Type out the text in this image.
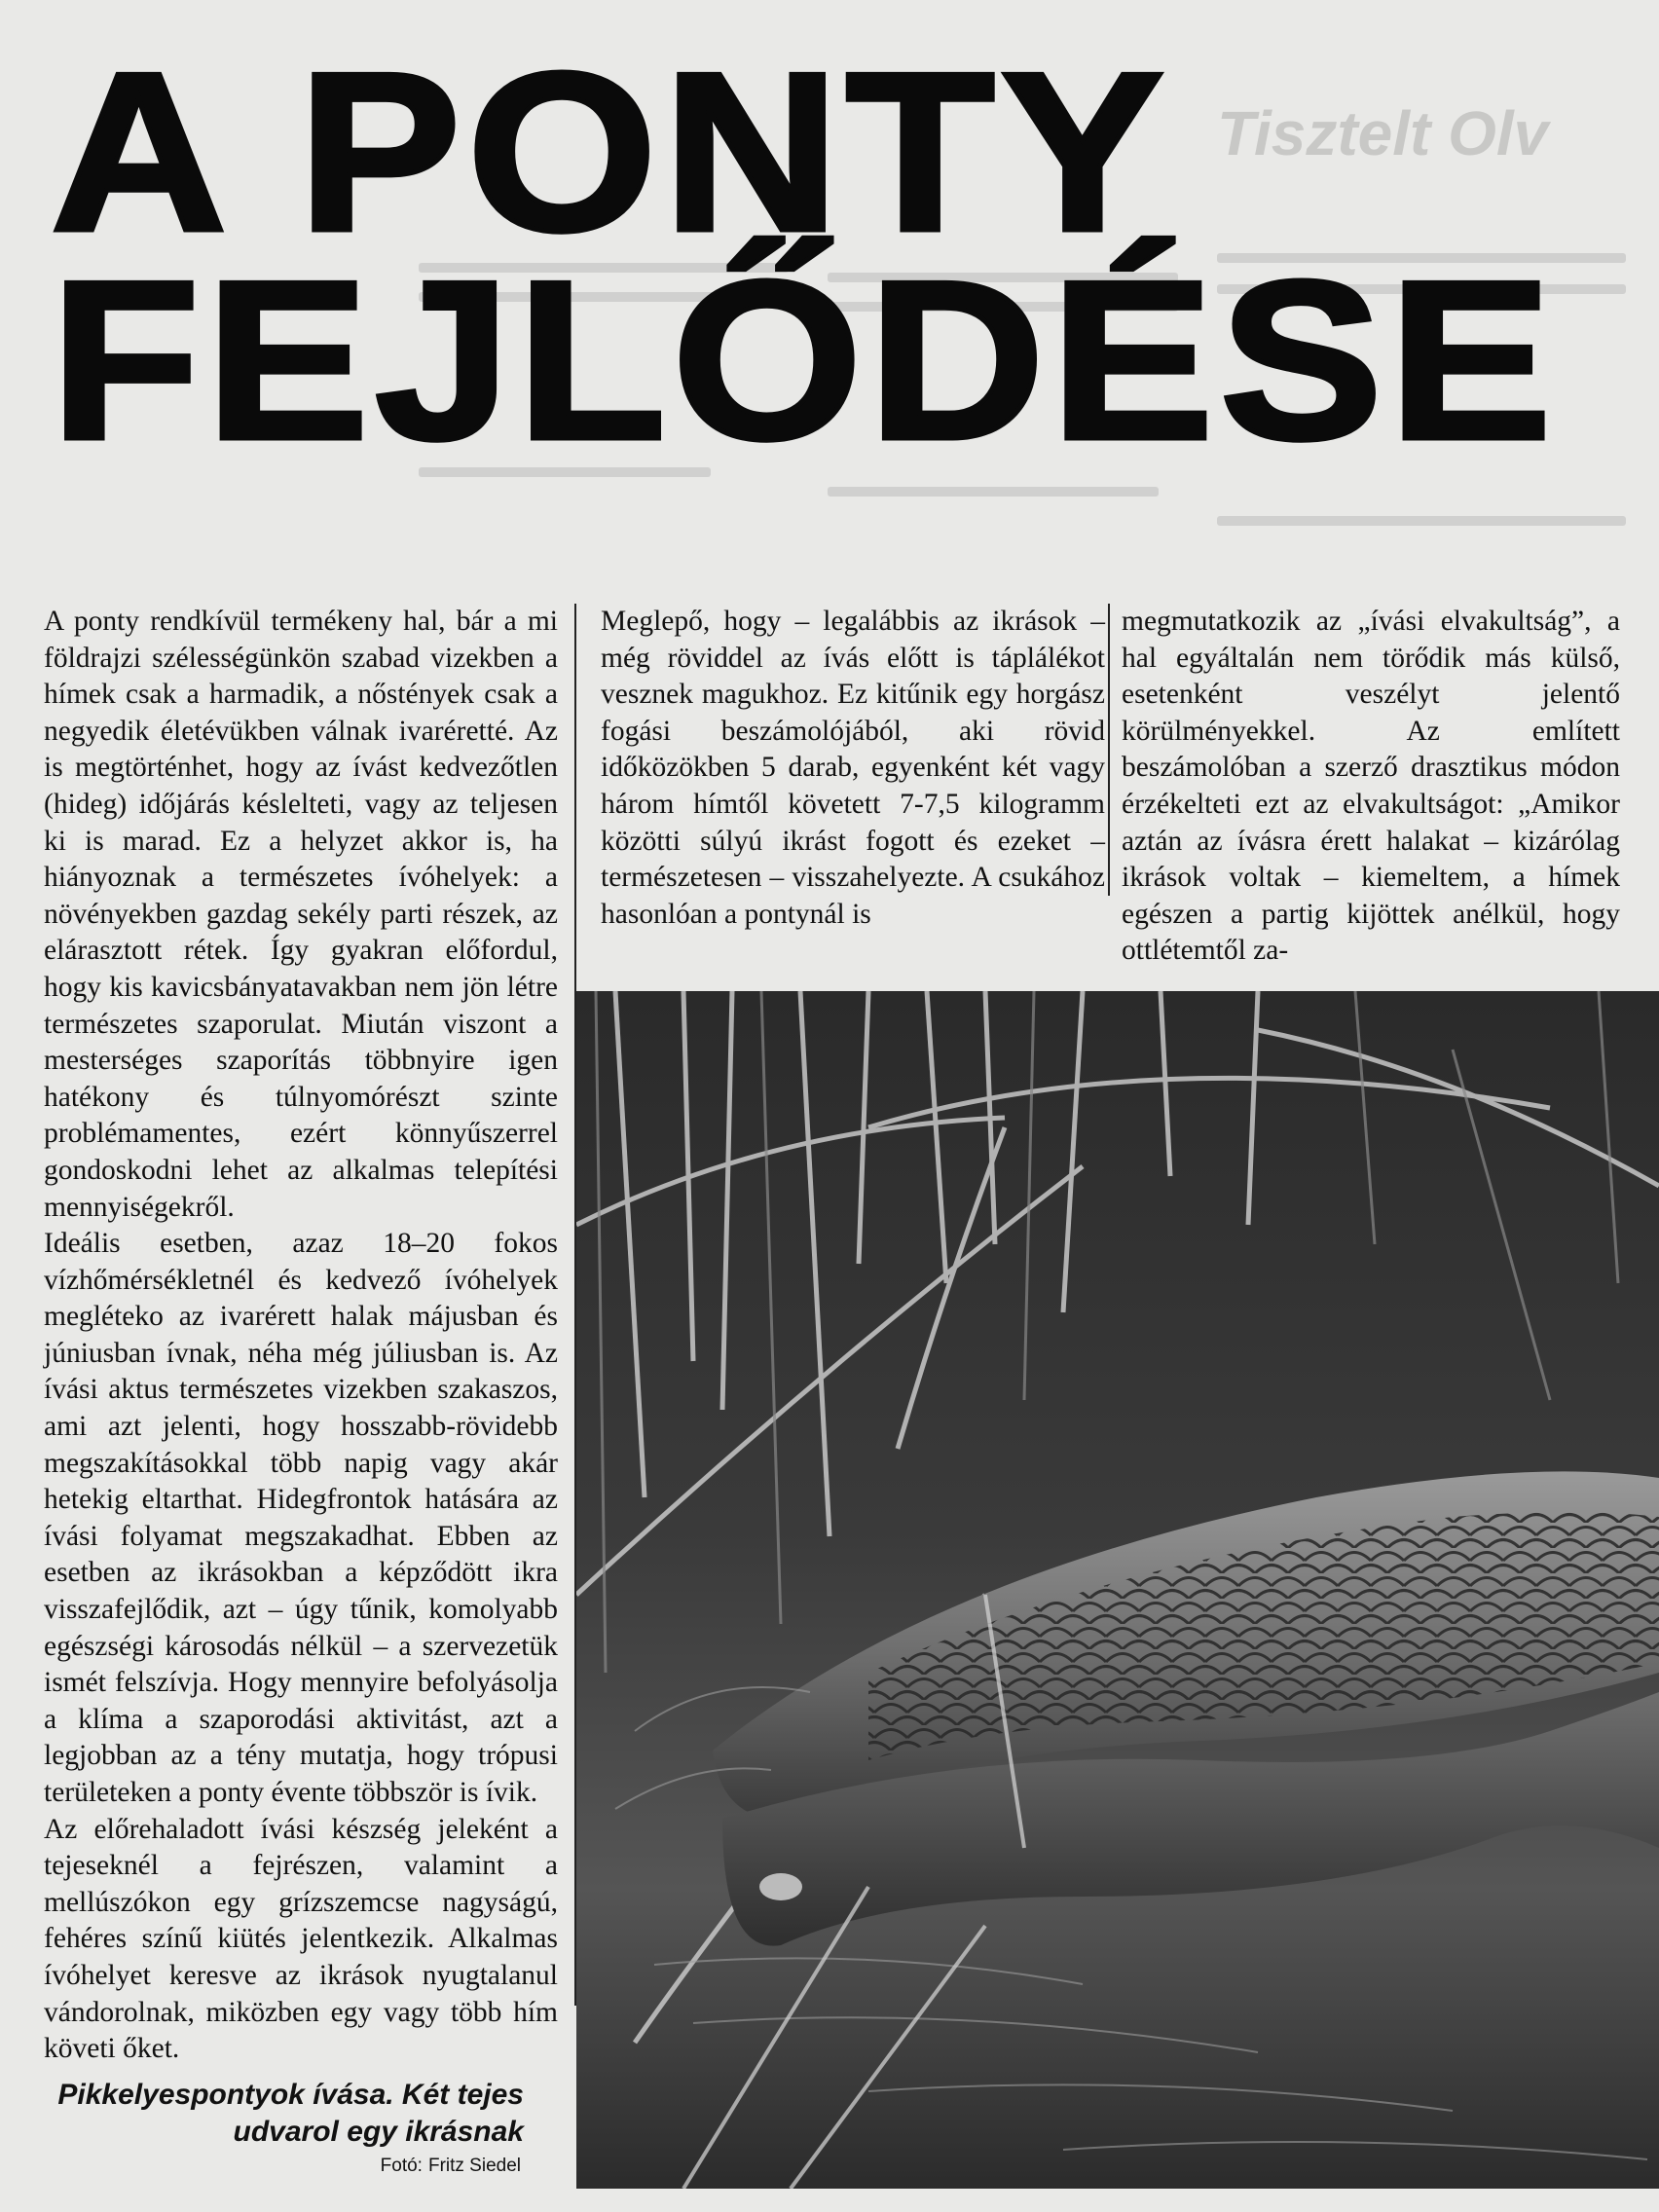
Tisztelt Olv
A PONTY
FEJLŐDÉSE

A ponty rendkívül termékeny hal, bár a mi földrajzi szélességünkön szabad vizekben a hímek csak a harmadik, a nőstények csak a negyedik életévükben válnak ivaréretté. Az is megtörténhet, hogy az ívást kedvezőtlen (hideg) időjárás késlelteti, vagy az teljesen ki is marad. Ez a helyzet akkor is, ha hiányoznak a természetes ívóhelyek: a növényekben gazdag sekély parti részek, az elárasztott rétek. Így gyakran előfordul, hogy kis kavicsbányatavakban nem jön létre természetes szaporulat. Miután viszont a mesterséges szaporítás többnyire igen hatékony és túlnyomórészt szinte problémamentes, ezért könnyűszerrel gondoskodni lehet az alkalmas telepítési mennyiségekről.

Ideális esetben, azaz 18–20 fokos vízhőmérsékletnél és kedvező ívóhelyek megléteko az ivarérett halak májusban és júniusban ívnak, néha még júliusban is. Az ívási aktus természetes vizekben szakaszos, ami azt jelenti, hogy hosszabb-rövidebb megszakításokkal több napig vagy akár hetekig eltarthat. Hidegfrontok hatására az ívási folyamat megszakadhat. Ebben az esetben az ikrásokban a képződött ikra visszafejlődik, azt – úgy tűnik, komolyabb egészségi károsodás nélkül – a szervezetük ismét felszívja. Hogy mennyire befolyásolja a klíma a szaporodási aktivitást, azt a legjobban az a tény mutatja, hogy trópusi területeken a ponty évente többször is ívik.

Az előrehaladott ívási készség jeleként a tejeseknél a fejrészen, valamint a mellúszókon egy grízszemcse nagyságú, fehéres színű kiütés jelentkezik. Alkalmas ívóhelyet keresve az ikrások nyugtalanul vándorolnak, miközben egy vagy több hím követi őket.

Meglepő, hogy – legalábbis az ikrások – még röviddel az ívás előtt is táplálékot vesznek magukhoz. Ez kitűnik egy horgász fogási beszámolójából, aki rövid időközökben 5 darab, egyenként két vagy három hímtől követett 7-7,5 kilogramm közötti súlyú ikrást fogott és ezeket – természetesen – visszahelyezte. A csukához hasonlóan a pontynál is

megmutatkozik az „ívási elvakultság”, a hal egyáltalán nem törődik más külső, esetenként veszélyt jelentő körülményekkel. Az említett beszámolóban a szerző drasztikus módon érzékelteti ezt az elvakultságot: „Amikor aztán az ívásra érett halakat – kizárólag ikrások voltak – kiemeltem, a hímek egészen a partig kijöttek anélkül, hogy ottlétemtől za-

Pikkelyespontyok ívása. Két tejes
udvarol egy ikrásnak

Fotó: Fritz Siedel
